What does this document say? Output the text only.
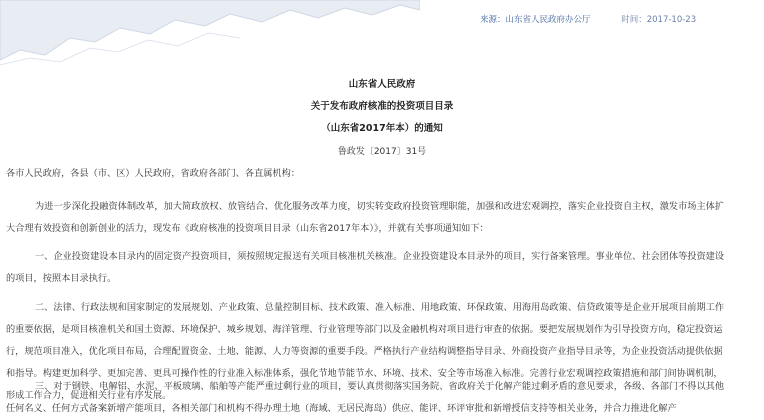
来源：山东省人民政府办公厅	时间：2017-10-23
山东省人民政府
关于发布政府核准的投资项目目录
（山东省2017年本）的通知
鲁政发〔2017〕31号
各市人民政府，各县（市、区）人民政府，省政府各部门、各直属机构：
为进一步深化投融资体制改革，加大简政放权、放管结合、优化服务改革力度，切实转变政府投资管理职能，加强和改进宏观调控，落实企业投资自主权，激发市场主体扩大合理有效投资和创新创业的活力，现发布《政府核准的投资项目目录（山东省2017年本）》，并就有关事项通知如下：
一、企业投资建设本目录内的固定资产投资项目，须按照规定报送有关项目核准机关核准。企业投资建设本目录外的项目，实行备案管理。事业单位、社会团体等投资建设的项目，按照本目录执行。
二、法律、行政法规和国家制定的发展规划、产业政策、总量控制目标、技术政策、准入标准、用地政策、环保政策、用海用岛政策、信贷政策等是企业开展项目前期工作的重要依据，是项目核准机关和国土资源、环境保护、城乡规划、海洋管理、行业管理等部门以及金融机构对项目进行审查的依据。要把发展规划作为引导投资方向，稳定投资运行，规范项目准入，优化项目布局，合理配置资金、土地、能源、人力等资源的重要手段。严格执行产业结构调整指导目录、外商投资产业指导目录等，为企业投资活动提供依据和指导。构建更加科学、更加完善、更具可操作性的行业准入标准体系，强化节地节能节水、环境、技术、安全等市场准入标准。完善行业宏观调控政策措施和部门间协调机制，形成工作合力，促进相关行业有序发展。
三、对于钢铁、电解铝、水泥、平板玻璃、船舶等产能严重过剩行业的项目，要认真贯彻落实国务院、省政府关于化解产能过剩矛盾的意见要求，各级、各部门不得以其他任何名义、任何方式备案新增产能项目，各相关部门和机构不得办理土地（海域、无居民海岛）供应、能评、环评审批和新增授信支持等相关业务，并合力推进化解产
